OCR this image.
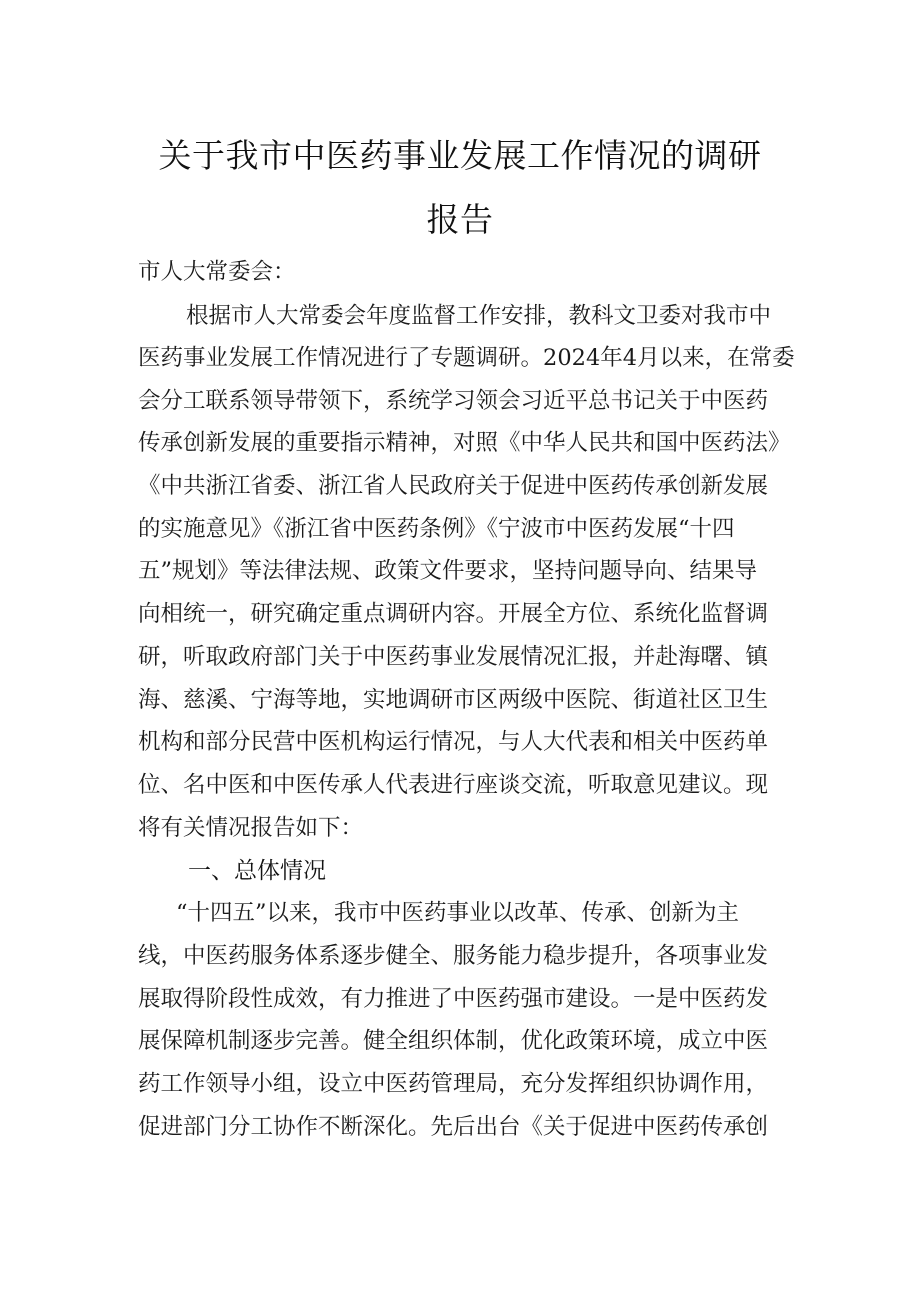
关于我市中医药事业发展工作情况的调研
报告
市人大常委会：
根据市人大常委会年度监督工作安排，教科文卫委对我市中
医药事业发展工作情况进行了专题调研。2024年4月以来，在常委
会分工联系领导带领下，系统学习领会习近平总书记关于中医药
传承创新发展的重要指示精神，对照《中华人民共和国中医药法》
《中共浙江省委、浙江省人民政府关于促进中医药传承创新发展
的实施意见》《浙江省中医药条例》《宁波市中医药发展“十四
五”规划》等法律法规、政策文件要求，坚持问题导向、结果导
向相统一，研究确定重点调研内容。开展全方位、系统化监督调
研，听取政府部门关于中医药事业发展情况汇报，并赴海曙、镇
海、慈溪、宁海等地，实地调研市区两级中医院、街道社区卫生
机构和部分民营中医机构运行情况，与人大代表和相关中医药单
位、名中医和中医传承人代表进行座谈交流，听取意见建议。现
将有关情况报告如下：
一、总体情况
“十四五”以来，我市中医药事业以改革、传承、创新为主
线，中医药服务体系逐步健全、服务能力稳步提升，各项事业发
展取得阶段性成效，有力推进了中医药强市建设。一是中医药发
展保障机制逐步完善。健全组织体制，优化政策环境，成立中医
药工作领导小组，设立中医药管理局，充分发挥组织协调作用，
促进部门分工协作不断深化。先后出台《关于促进中医药传承创
